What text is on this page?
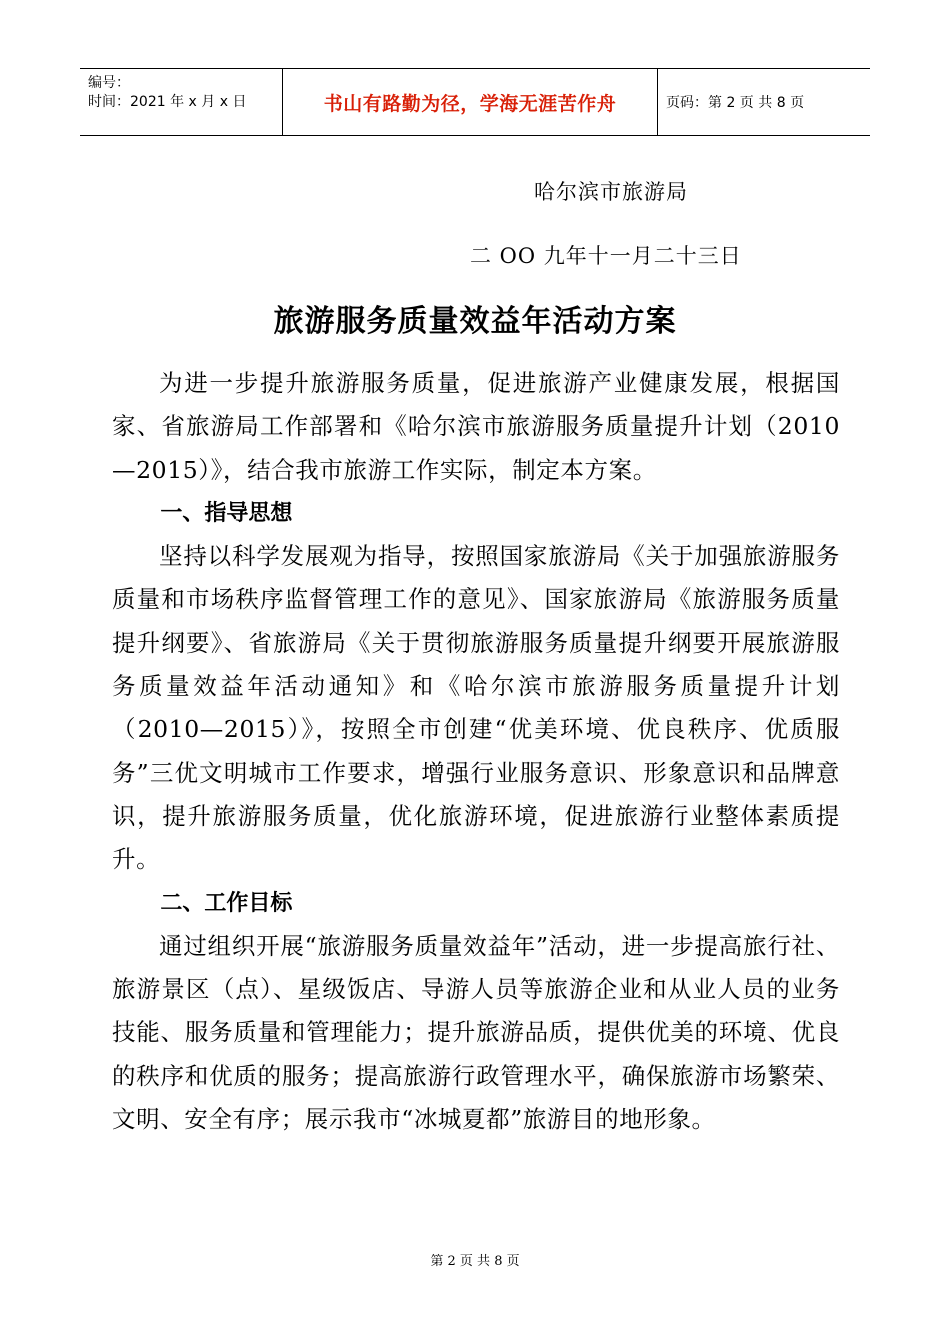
编号：
时间：2021 年 x 月 x 日	书山有路勤为径，学海无涯苦作舟	页码：第 2 页 共 8 页
哈尔滨市旅游局
二 OO 九年十一月二十三日
旅游服务质量效益年活动方案

为进一步提升旅游服务质量，促进旅游产业健康发展，根据国家、省旅游局工作部署和《哈尔滨市旅游服务质量提升计划（2010—2015）》，结合我市旅游工作实际，制定本方案。

一、指导思想

坚持以科学发展观为指导，按照国家旅游局《关于加强旅游服务质量和市场秩序监督管理工作的意见》、国家旅游局《旅游服务质量提升纲要》、省旅游局《关于贯彻旅游服务质量提升纲要开展旅游服务质量效益年活动通知》和《哈尔滨市旅游服务质量提升计划（2010—2015）》，按照全市创建“优美环境、优良秩序、优质服务”三优文明城市工作要求，增强行业服务意识、形象意识和品牌意识，提升旅游服务质量，优化旅游环境，促进旅游行业整体素质提升。

二、工作目标

通过组织开展“旅游服务质量效益年”活动，进一步提高旅行社、旅游景区（点）、星级饭店、导游人员等旅游企业和从业人员的业务技能、服务质量和管理能力；提升旅游品质，提供优美的环境、优良的秩序和优质的服务；提高旅游行政管理水平，确保旅游市场繁荣、文明、安全有序；展示我市“冰城夏都”旅游目的地形象。

第 2 页 共 8 页
